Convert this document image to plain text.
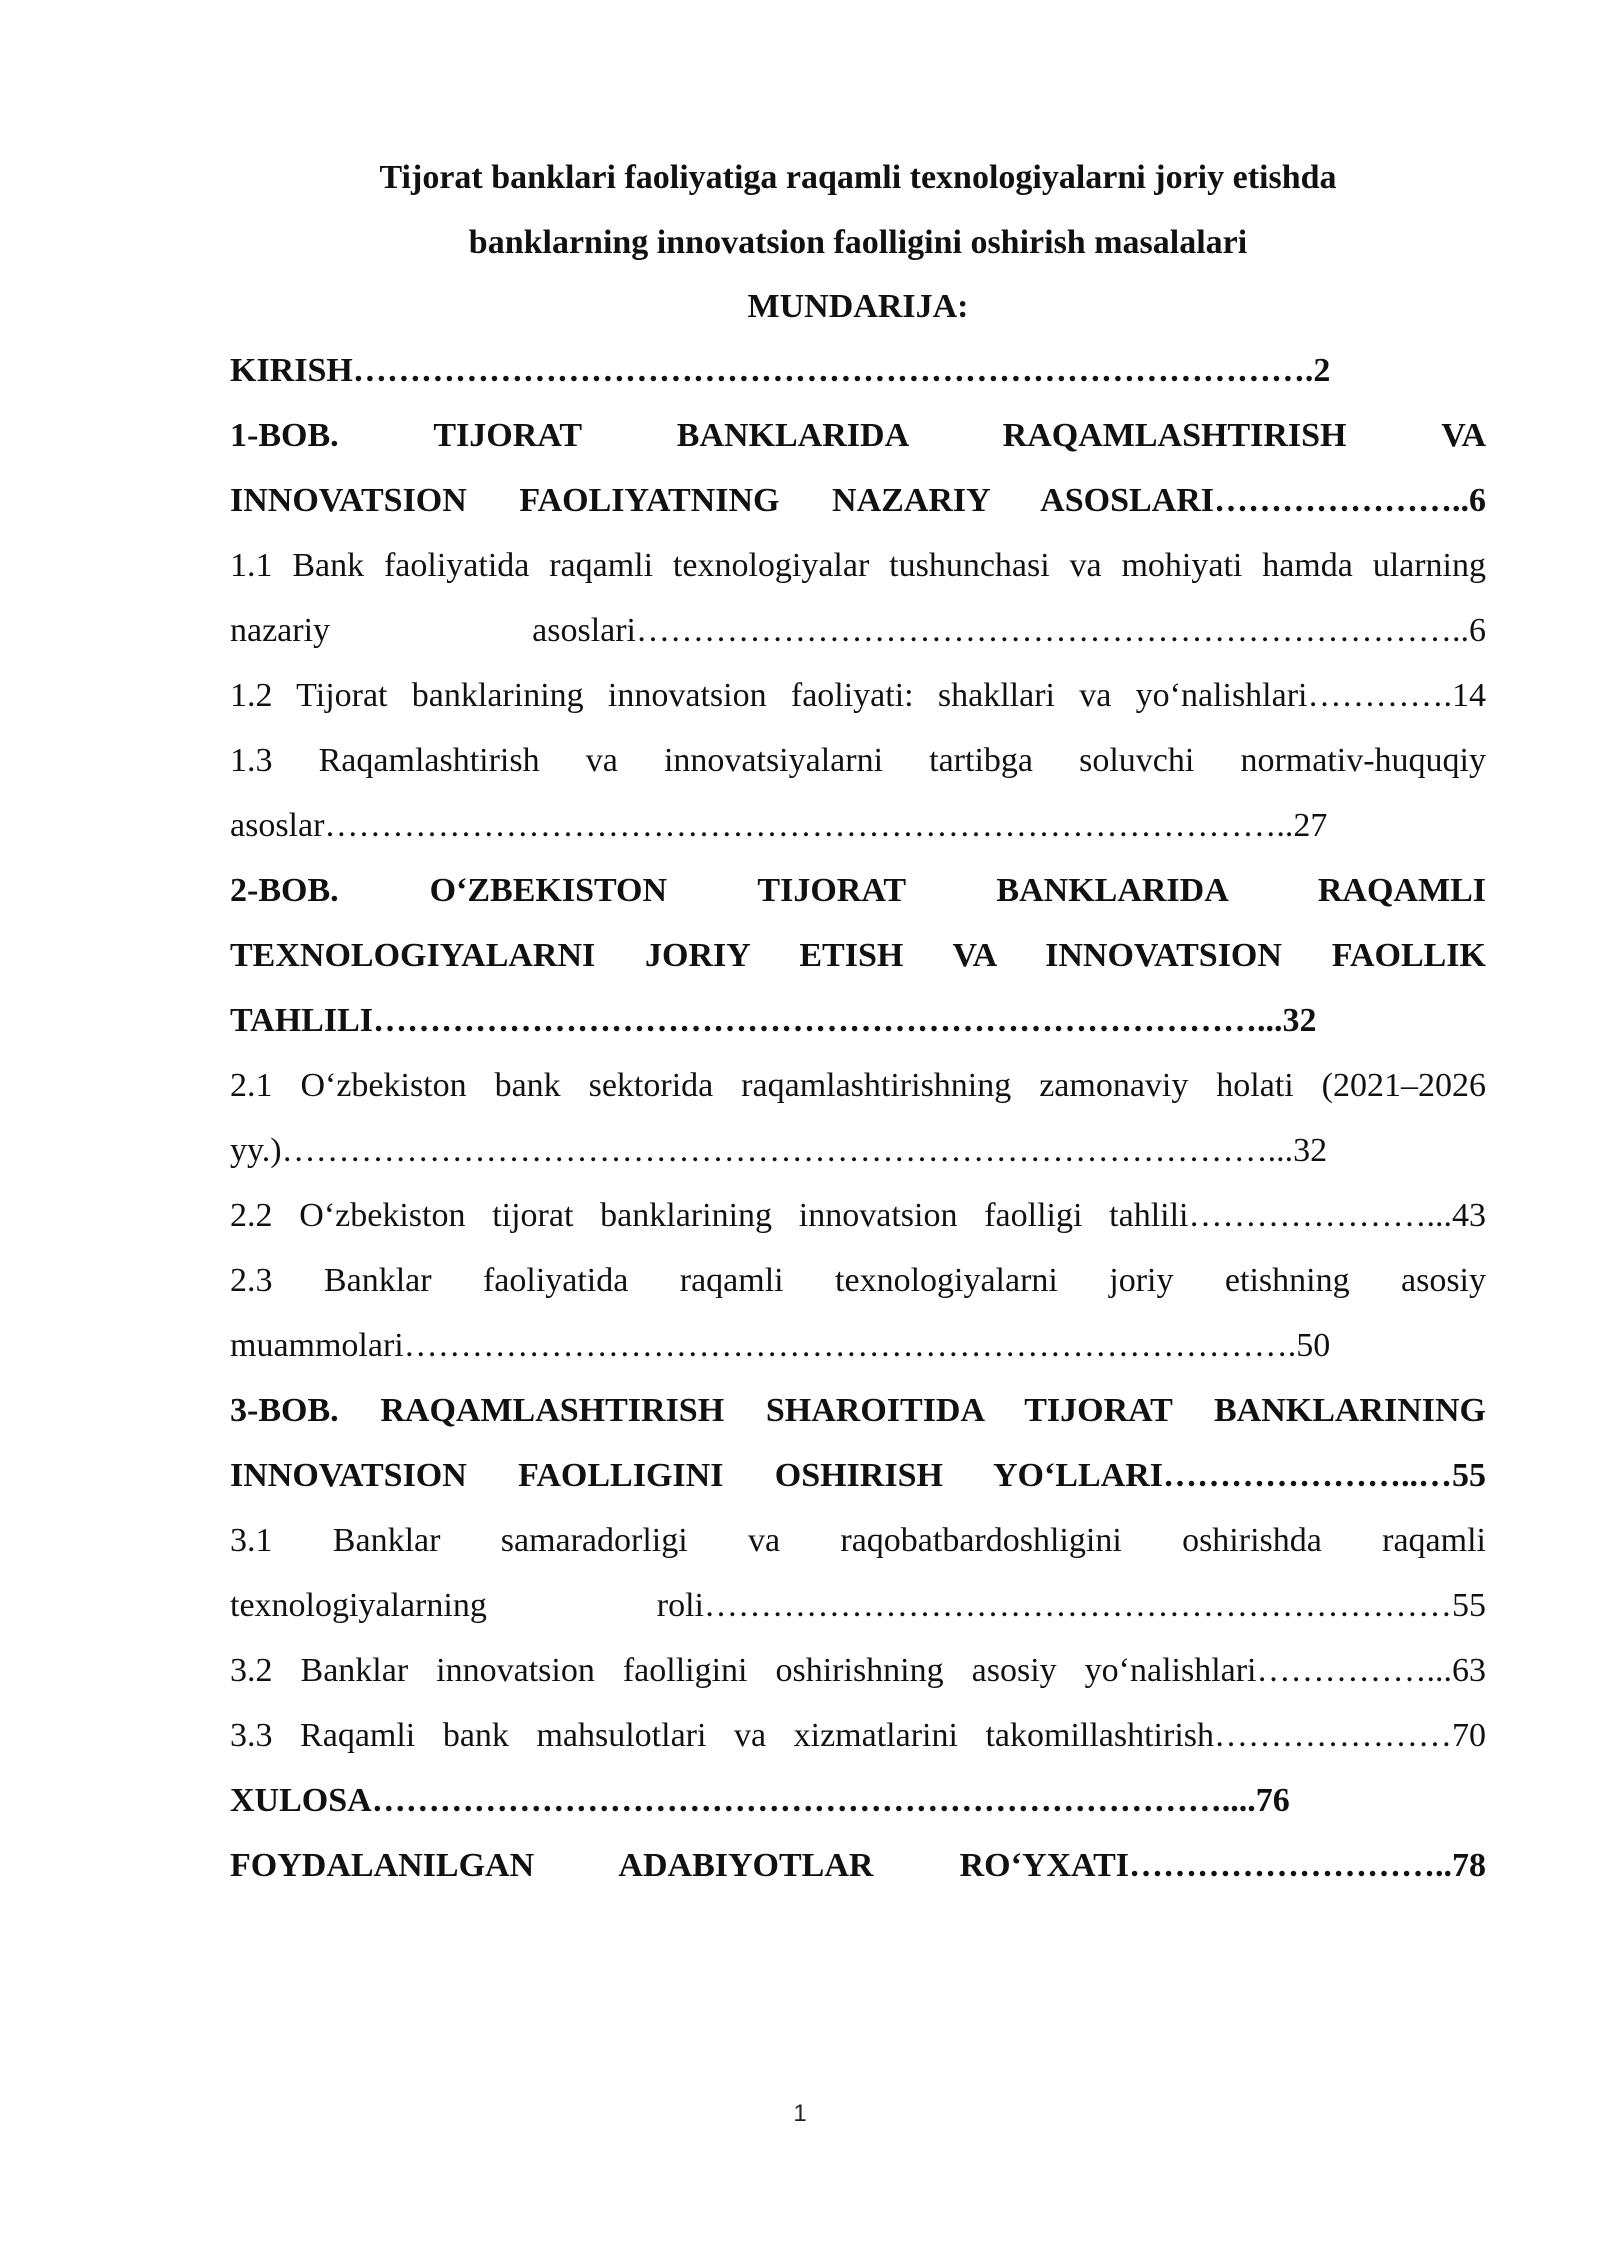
Tijorat banklari faoliyatiga raqamli texnologiyalarni joriy etishda

banklarning innovatsion faolligini oshirish masalalari

MUNDARIJA:

KIRISH………………………………………………………………………….2

1-BOB. TIJORAT BANKLARIDA RAQAMLASHTIRISH VA

INNOVATSION FAOLIYATNING NAZARIY ASOSLARI…………………..6

1.1 Bank faoliyatida raqamli texnologiyalar tushunchasi va mohiyati hamda ularning

nazariy asoslari………………………………………………………………..6

1.2 Tijorat banklarining innovatsion faoliyati: shakllari va yo‘nalishlari………….14

1.3 Raqamlashtirish va innovatsiyalarni tartibga soluvchi normativ-huquqiy

asoslar…………………………………………………………………………..27

2-BOB. O‘ZBEKISTON TIJORAT BANKLARIDA RAQAMLI

TEXNOLOGIYALARNI JORIY ETISH VA INNOVATSION FAOLLIK

TAHLILI……………………………………………………………………...32

2.1 O‘zbekiston bank sektorida raqamlashtirishning zamonaviy holati (2021–2026

yy.)……………………………………………………………………………...32

2.2 O‘zbekiston tijorat banklarining innovatsion faolligi tahlili…………………...43

2.3 Banklar faoliyatida raqamli texnologiyalarni joriy etishning asosiy

muammolari…………………………………………………………………….50

3-BOB. RAQAMLASHTIRISH SHAROITIDA TIJORAT BANKLARINING

INNOVATSION FAOLLIGINI OSHIRISH YO‘LLARI…………………..…55

3.1 Banklar samaradorligi va raqobatbardoshligini oshirishda raqamli

texnologiyalarning roli…………………………………………………………55

3.2 Banklar innovatsion faolligini oshirishning asosiy yo‘nalishlari……………...63

3.3 Raqamli bank mahsulotlari va xizmatlarini takomillashtirish…………………70

XULOSA…………………………………………………………………....76

FOYDALANILGAN ADABIYOTLAR RO‘YXATI………………………..78

1
